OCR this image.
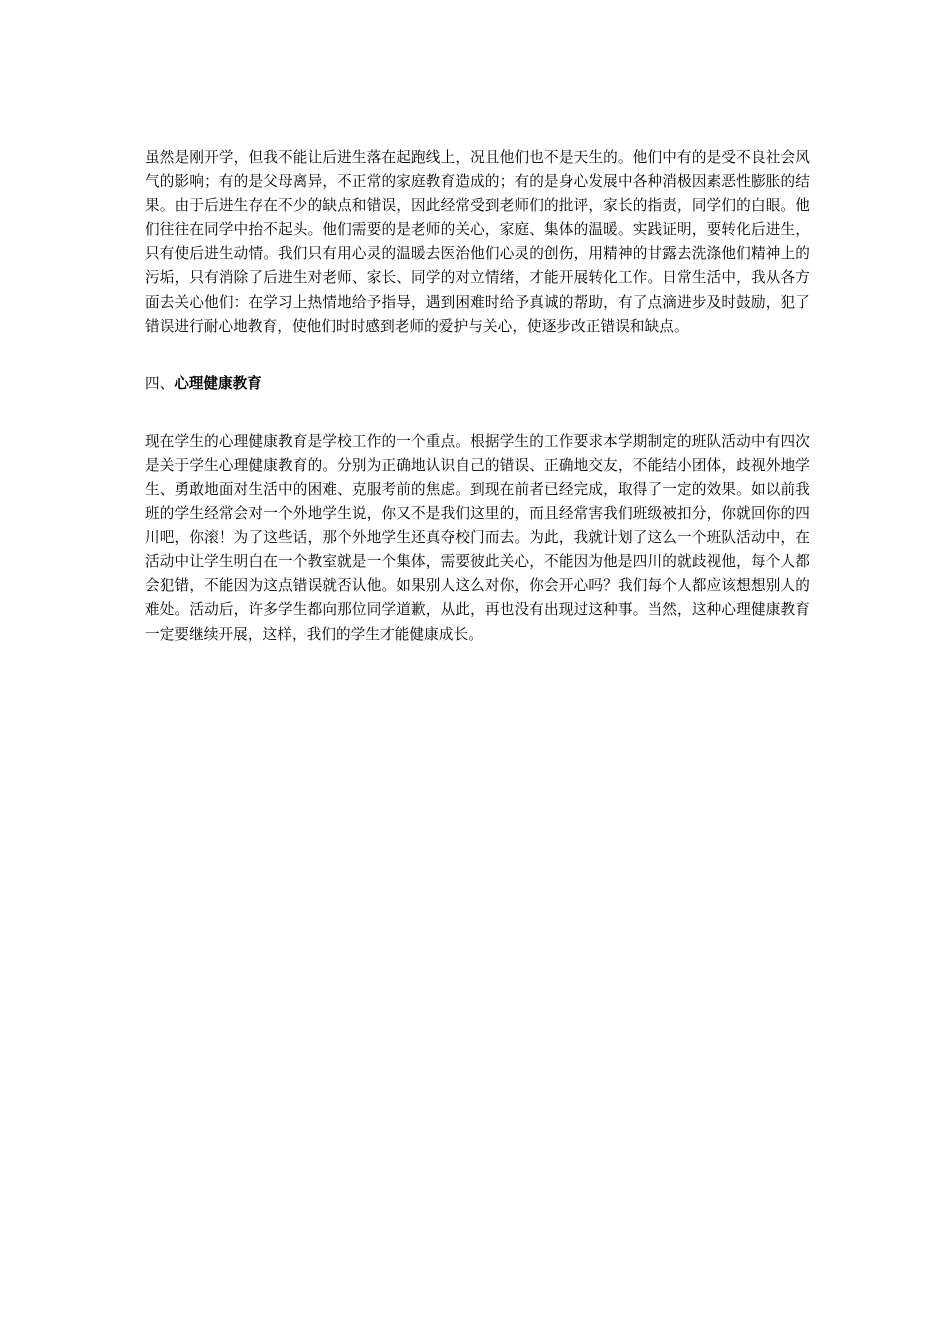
虽然是刚开学，但我不能让后进生落在起跑线上，况且他们也不是天生的。他们中有的是受不良社会风气的影响；有的是父母离异，不正常的家庭教育造成的；有的是身心发展中各种消极因素恶性膨胀的结果。由于后进生存在不少的缺点和错误，因此经常受到老师们的批评，家长的指责，同学们的白眼。他们往往在同学中抬不起头。他们需要的是老师的关心，家庭、集体的温暖。实践证明，要转化后进生，只有使后进生动情。我们只有用心灵的温暖去医治他们心灵的创伤，用精神的甘露去洗涤他们精神上的污垢，只有消除了后进生对老师、家长、同学的对立情绪，才能开展转化工作。日常生活中，我从各方面去关心他们：在学习上热情地给予指导，遇到困难时给予真诚的帮助，有了点滴进步及时鼓励，犯了错误进行耐心地教育，使他们时时感到老师的爱护与关心，使逐步改正错误和缺点。

四、心理健康教育

现在学生的心理健康教育是学校工作的一个重点。根据学生的工作要求本学期制定的班队活动中有四次是关于学生心理健康教育的。分别为正确地认识自己的错误、正确地交友，不能结小团体，歧视外地学生、勇敢地面对生活中的困难、克服考前的焦虑。到现在前者已经完成，取得了一定的效果。如以前我班的学生经常会对一个外地学生说，你又不是我们这里的，而且经常害我们班级被扣分，你就回你的四川吧，你滚！为了这些话，那个外地学生还真夺校门而去。为此，我就计划了这么一个班队活动中，在活动中让学生明白在一个教室就是一个集体，需要彼此关心，不能因为他是四川的就歧视他，每个人都会犯错，不能因为这点错误就否认他。如果别人这么对你，你会开心吗？我们每个人都应该想想别人的难处。活动后，许多学生都向那位同学道歉，从此，再也没有出现过这种事。当然，这种心理健康教育一定要继续开展，这样，我们的学生才能健康成长。
